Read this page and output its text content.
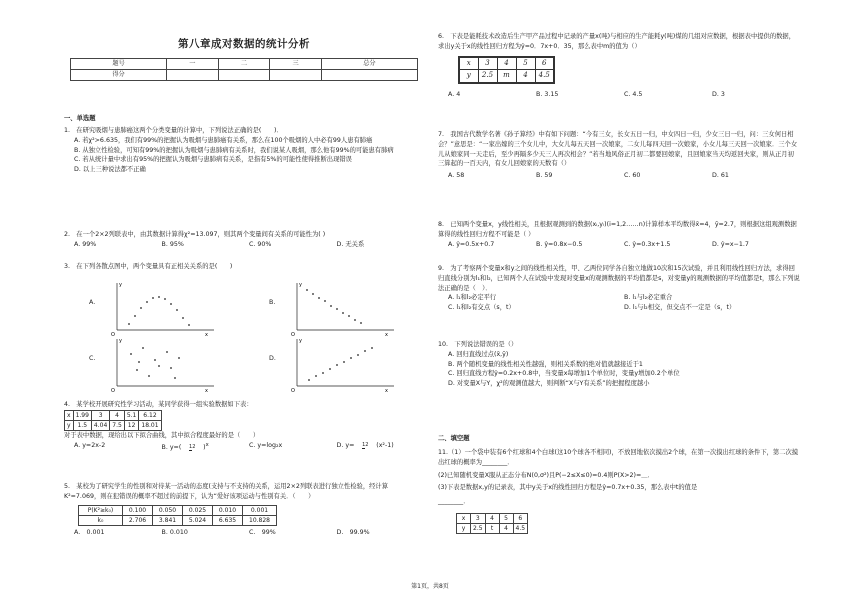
第八章成对数据的统计分析
题号	一	二	三	总分
得分				
一、单选题
1.　在研究吸烟与患肺癌这两个分类变量的计算中，下列说法正确的是(　　)．
A. 若χ²>6.635，我们有99%的把握认为吸烟与患肺癌有关系，那么在100个吸烟的人中必有99人患有肺癌
B. 从独立性检验，可知有99%的把握认为吸烟与患肺病有关系时，我们说某人吸烟，那么他有99%的可能患有肺病
C. 若从统计量中求出有95%的把握认为吸烟与患肺病有关系，是指有5%的可能性使得推断出现错误
D. 以上三种说法都不正确
2.　在一个2×2列联表中，由其数据计算得χ²=13.097，则其两个变量间有关系的可能性为( )
A. 99%	B. 95%	C. 90%	D. 无关系
3.　在下列各散点图中，两个变量具有正相关关系的是(　　)
A.
O	x
y
B.
O	x
y
C.
O	x
y
D.
O	x
y
4.　某学校开展研究性学习活动，某同学获得一组实验数据如下表：
x	1.99	3	4	5.1	6.12
y	1.5	4.04	7.5	12	18.01
对于表中数据，现给出以下拟合曲线，其中拟合程度最好的是（　　）
A. y=2x-2	B. y=( 12 )$^x$	C. y=log₂x	D. y= 12 (x²-1)
5.　某校为了研究学生的性别和对待某一活动的态度(支持与不支持的关系，运用2×2列联表进行独立性检验，经计算K²=7.069，则在犯错误的概率不超过的前提下，认为“爱好该项运动与性别有关．（　　）
P(K²≥k₀)	0.100	0.050	0.025	0.010	0.001
k₀	2.706	3.841	5.024	6.635	10.828
A.　0.001	B. 0.010	C.　99%	D.　99.9%
6.　下表是能耗技术改造后生产甲产品过程中记录的产量x(吨)与相应的生产能耗y(吨)煤的几组对应数据，根据表中提供的数据，求出y关于x的线性回归方程为ŷ=0．7x+0．35，那么表中m的值为（）
x	3	4	5	6
y	2.5	m	4	4.5
A. 4	B. 3.15	C. 4.5	D. 3
7.　我国古代数学名著《孙子算经》中有如下问题：“今有三女，长女五日一归，中女四日一归，少女三日一归，问：三女何日相会？”意思是：“一家出嫁的三个女儿中，大女儿每五天回一次娘家，二女儿每四天回一次娘家，小女儿每三天回一次娘家．三个女儿从娘家同一天走后，至少再隔多少天三人再次相会？”若当地风俗正月初二都要回娘家，且回娘家当天均返回夫家，则从正月初三算起的一百天内，有女儿回娘家的天数有（）
A. 58	B. 59	C. 60	D. 61
8.　已知两个变量x，y线性相关，且根据观测到的数据(xᵢ,yᵢ)(i=1,2……n)计算样本平均数得x̄=4，ȳ=2.7，则根据这组观测数据算得的线性回归方程不可能是（ ）
A. ŷ=0.5x+0.7	B. ŷ=0.8x−0.5	C. ŷ=0.3x+1.5	D. ŷ=x−1.7
9.　为了考察两个变量x和y之间的线性相关性，甲、乙两位同学各自独立地做10次和15次试验，并且利用线性回归方法，求得回归直线分别为l₁和l₂，已知两个人在试验中发现对变量x的观测数据的平均值都是s，对变量y的观测数据的平均值都是t，那么下列说法正确的是（　）．
A. l₁和l₂必定平行	B. l₁与l₂必定重合
C. l₁和l₂有交点（s，t）	D. l₁与l₂相交，但交点不一定是（s，t）
10.　下列说法错误的是（）
A. 回归直线过点(x̄,ȳ)
B. 两个随机变量的线性相关性越强，则相关系数的绝对值就越接近于1
C. 回归直线方程ŷ=0.2x+0.8中，当变量x每增加1个单位时，变量y增加0.2个单位
D. 对变量X与Y，χ²的观测值越大，则判断“X与Y有关系”的把握程度越小
二、填空题
11.（1）一个袋中装有6个红球和4个白球(这10个球各不相同)，不放回地依次摸出2个球，在第一次摸出红球的条件下，第二次摸出红球的概率为________．
(2)已知随机变量X服从正态分布N(0,σ²)且P(−2≤X≤0)=0.4则P(X>2)=＿．
(3)下表是数据x,y的记录表，其中y关于x的线性回归方程是ŷ=0.7x+0.35，那么表中t的值是
________．
x	3	4	5	6
y	2.5	t	4	4.5
第1页，共8页
